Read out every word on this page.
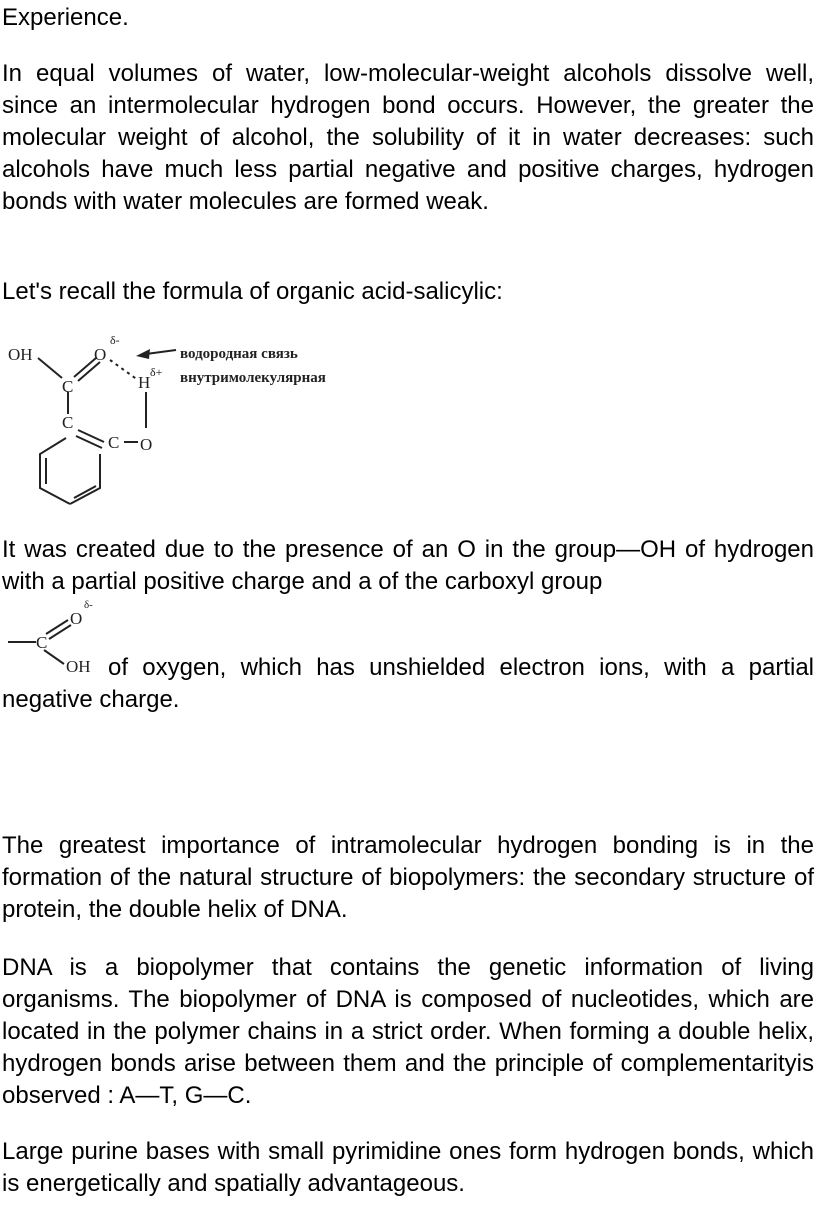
Experience.

In equal volumes of water, low-molecular-weight alcohols dissolve well, since an intermolecular hydrogen bond occurs. However, the greater the molecular weight of alcohol, the solubility of it in water decreases: such alcohols have much less partial negative and positive charges, hydrogen bonds with water molecules are formed weak.

Let's recall the formula of organic acid-salicylic:

OH	O
C
C
C O
H
δ-
δ+
водородная связь
внутримолекулярная

It was created due to the presence of an O in the group—OH of hydrogen with a partial positive charge and a of the carboxyl group

C
O
OH
δ-

of oxygen, which has unshielded electron ions, with a partial negative charge.

The greatest importance of intramolecular hydrogen bonding is in the formation of the natural structure of biopolymers: the secondary structure of protein, the double helix of DNA.

DNA is a biopolymer that contains the genetic information of living organisms. The biopolymer of DNA is composed of nucleotides, which are located in the polymer chains in a strict order. When forming a double helix, hydrogen bonds arise between them and the principle of complementarityis observed : A—T, G—C.

Large purine bases with small pyrimidine ones form hydrogen bonds, which is energetically and spatially advantageous.
